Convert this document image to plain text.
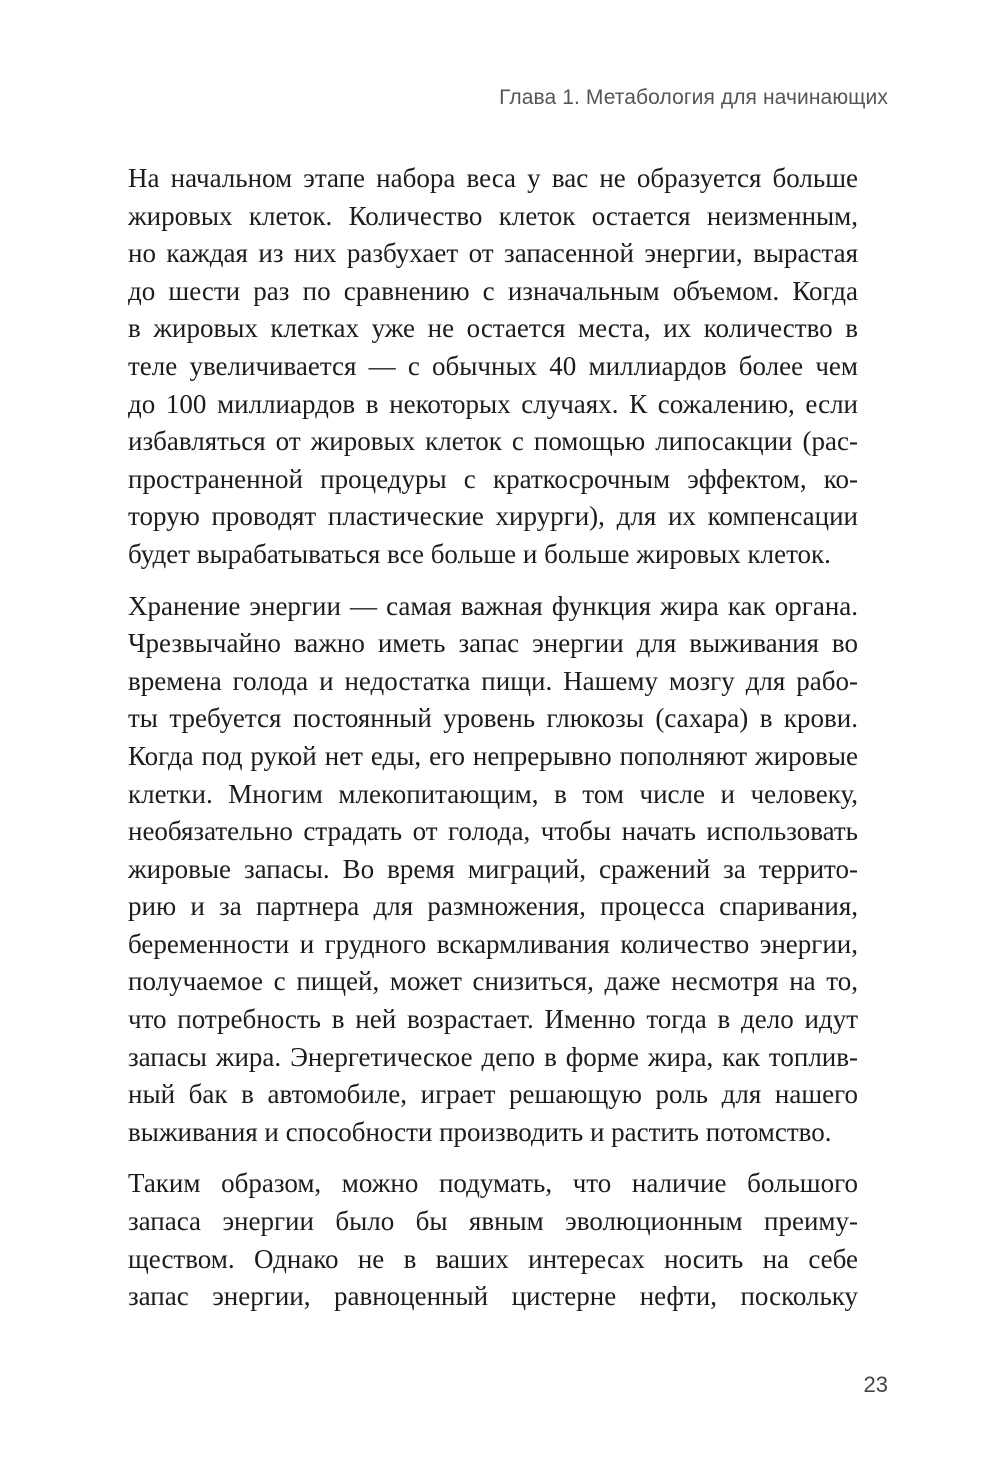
Глава 1. Метабология для начинающих
На начальном этапе набора веса у вас не образуется больше
жировых клеток. Количество клеток остается неизменным,
но каждая из них разбухает от запасенной энергии, вырастая
до шести раз по сравнению с изначальным объемом. Когда
в жировых клетках уже не остается места, их количество в
теле увеличивается — с обычных 40 миллиардов более чем
до 100 миллиардов в некоторых случаях. К сожалению, если
избавляться от жировых клеток с помощью липосакции (рас-
пространенной процедуры с краткосрочным эффектом, ко-
торую проводят пластические хирурги), для их компенсации
будет вырабатываться все больше и больше жировых клеток.
Хранение энергии — самая важная функция жира как органа.
Чрезвычайно важно иметь запас энергии для выживания во
времена голода и недостатка пищи. Нашему мозгу для рабо-
ты требуется постоянный уровень глюкозы (сахара) в крови.
Когда под рукой нет еды, его непрерывно пополняют жировые
клетки. Многим млекопитающим, в том числе и человеку,
необязательно страдать от голода, чтобы начать использовать
жировые запасы. Во время миграций, сражений за террито-
рию и за партнера для размножения, процесса спаривания,
беременности и грудного вскармливания количество энергии,
получаемое с пищей, может снизиться, даже несмотря на то,
что потребность в ней возрастает. Именно тогда в дело идут
запасы жира. Энергетическое депо в форме жира, как топлив-
ный бак в автомобиле, играет решающую роль для нашего
выживания и способности производить и растить потомство.
Таким образом, можно подумать, что наличие большого
запаса энергии было бы явным эволюционным преиму-
ществом. Однако не в ваших интересах носить на себе
запас энергии, равноценный цистерне нефти, поскольку
23
